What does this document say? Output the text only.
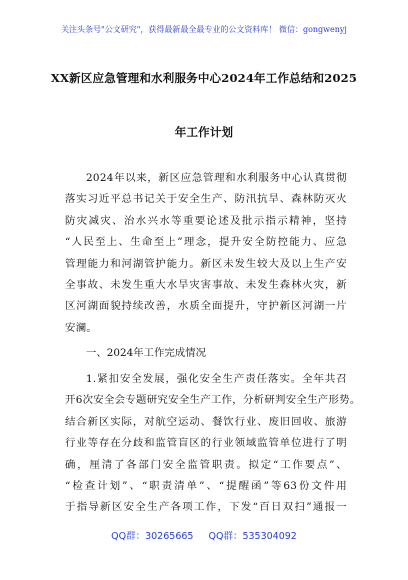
关注头条号"公文研究"，获得最新最全最专业的公文资料库！ 微信：gongwenyj
XX新区应急管理和水利服务中心2024年工作总结和2025
年工作计划
2024年以来，新区应急管理和水利服务中心认真贯彻
落实习近平总书记关于安全生产、防汛抗旱、森林防灭火
防灾减灾、治水兴水等重要论述及批示指示精神，坚持
“人民至上、生命至上”理念，提升安全防控能力、应急
管理能力和河湖管护能力。新区未发生较大及以上生产安
全事故、未发生重大水旱灾害事故、未发生森林火灾，新
区河湖面貌持续改善，水质全面提升，守护新区河湖一片
安澜。
一、2024年工作完成情况
1.紧扣安全发展，强化安全生产责任落实。全年共召
开6次安全会专题研究安全生产工作，分析研判安全生产形势。
结合新区实际，对航空运动、餐饮行业、废旧回收、旅游
行业等存在分歧和监管盲区的行业领域监管单位进行了明
确，厘清了各部门安全监管职责。拟定“工作要点”、
“检查计划”、“职责清单”、“提醒函”等63份文件用
于指导新区安全生产各项工作，下发“百日双扫”通报一
QQ群：30265665 QQ群：535304092
